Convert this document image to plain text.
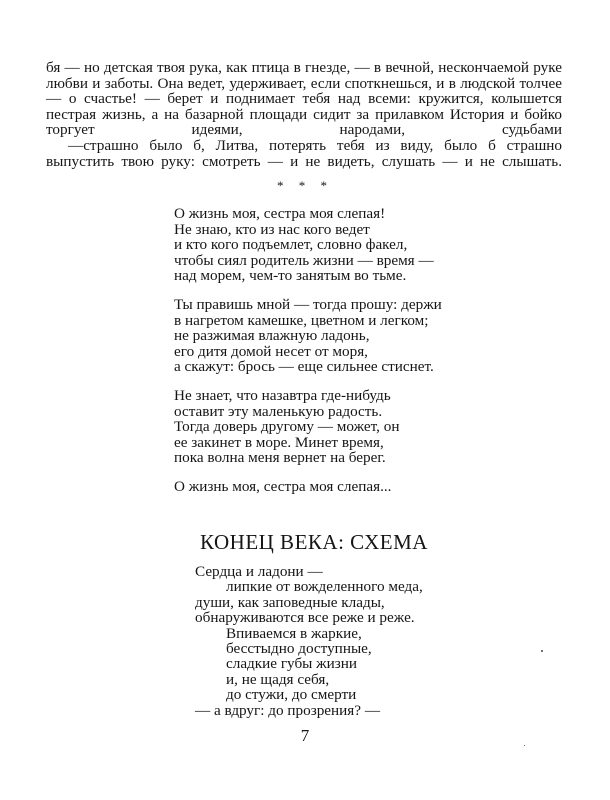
бя — но детская твоя рука, как птица в гнезде, — в вечной, нескончаемой руке любви и заботы. Она ведет, удерживает, если споткнешься, и в людской толчее — о счастье! — берет и поднимает тебя над всеми: кружится, колышется пестрая жизнь, а на базарной площади сидит за прилавком История и бойко торгует идеями, народами, судьбами

—страшно было б, Литва, потерять тебя из виду, было б страшно выпустить твою руку: смотреть — и не видеть, слушать — и не слышать.

* * *
О жизнь моя, сестра моя слепая!
Не знаю, кто из нас кого ведет
и кто кого подъемлет, словно факел,
чтобы сиял родитель жизни — время —
над морем, чем-то занятым во тьме.
Ты правишь мной — тогда прошу: держи
в нагретом камешке, цветном и легком;
не разжимая влажную ладонь,
его дитя домой несет от моря,
а скажут: брось — еще сильнее стиснет.
Не знает, что назавтра где-нибудь
оставит эту маленькую радость.
Тогда доверь другому — может, он
ее закинет в море. Минет время,
пока волна меня вернет на берег.
О жизнь моя, сестра моя слепая...
КОНЕЦ ВЕКА: СХЕМА
Сердца и ладони —
липкие от вожделенного меда,
души, как заповедные клады,
обнаруживаются все реже и реже.
Впиваемся в жаркие,
бесстыдно доступные,
сладкие губы жизни
и, не щадя себя,
до стужи, до смерти
— а вдруг: до прозрения? —
7
